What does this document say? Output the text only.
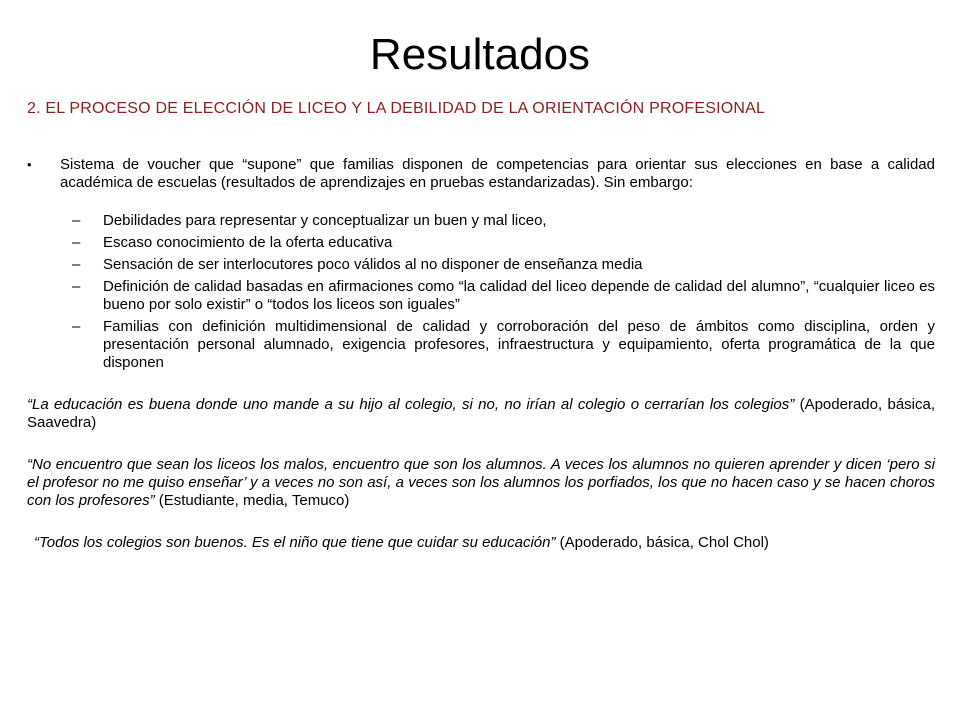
Resultados
2. EL PROCESO DE ELECCIÓN DE LICEO Y LA DEBILIDAD DE LA ORIENTACIÓN PROFESIONAL
• Sistema de voucher que “supone” que familias disponen de competencias para orientar sus elecciones en base a calidad académica de escuelas (resultados de aprendizajes en pruebas estandarizadas). Sin embargo:
– Debilidades para representar y conceptualizar un buen y mal liceo,
– Escaso conocimiento de la oferta educativa
– Sensación de ser interlocutores poco válidos al no disponer de enseñanza media
– Definición de calidad basadas en afirmaciones como “la calidad del liceo depende de calidad del alumno”, “cualquier liceo es bueno por solo existir” o “todos los liceos son iguales”
– Familias con definición multidimensional de calidad y corroboración del peso de ámbitos como disciplina, orden y presentación personal alumnado, exigencia profesores, infraestructura y equipamiento, oferta programática de la que disponen
“La educación es buena donde uno mande a su hijo al colegio, si no, no irían al colegio o cerrarían los colegios” (Apoderado, básica, Saavedra)
“No encuentro que sean los liceos los malos, encuentro que son los alumnos. A veces los alumnos no quieren aprender y dicen ‘pero si el profesor no me quiso enseñar’ y a veces no son así, a veces son los alumnos los porfiados, los que no hacen caso y se hacen choros con los profesores” (Estudiante, media, Temuco)
“Todos los colegios son buenos. Es el niño que tiene que cuidar su educación” (Apoderado, básica, Chol Chol)
